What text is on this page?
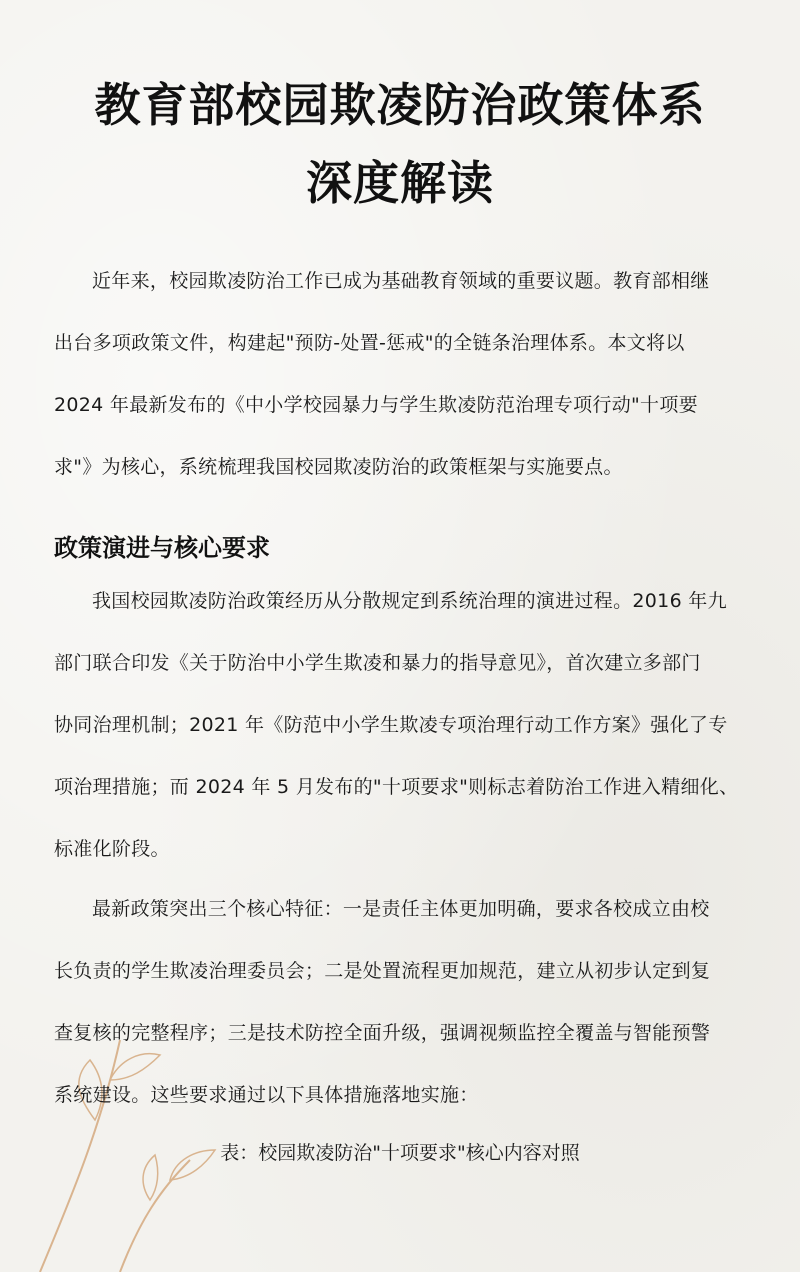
教育部校园欺凌防治政策体系
深度解读
近年来，校园欺凌防治工作已成为基础教育领域的重要议题。教育部相继
出台多项政策文件，构建起"预防-处置-惩戒"的全链条治理体系。本文将以
2024 年最新发布的《中小学校园暴力与学生欺凌防范治理专项行动"十项要
求"》为核心，系统梳理我国校园欺凌防治的政策框架与实施要点。
政策演进与核心要求
我国校园欺凌防治政策经历从分散规定到系统治理的演进过程。2016 年九
部门联合印发《关于防治中小学生欺凌和暴力的指导意见》，首次建立多部门
协同治理机制；2021 年《防范中小学生欺凌专项治理行动工作方案》强化了专
项治理措施；而 2024 年 5 月发布的"十项要求"则标志着防治工作进入精细化、
标准化阶段。
最新政策突出三个核心特征：一是责任主体更加明确，要求各校成立由校
长负责的学生欺凌治理委员会；二是处置流程更加规范，建立从初步认定到复
查复核的完整程序；三是技术防控全面升级，强调视频监控全覆盖与智能预警
系统建设。这些要求通过以下具体措施落地实施：
表：校园欺凌防治"十项要求"核心内容对照
